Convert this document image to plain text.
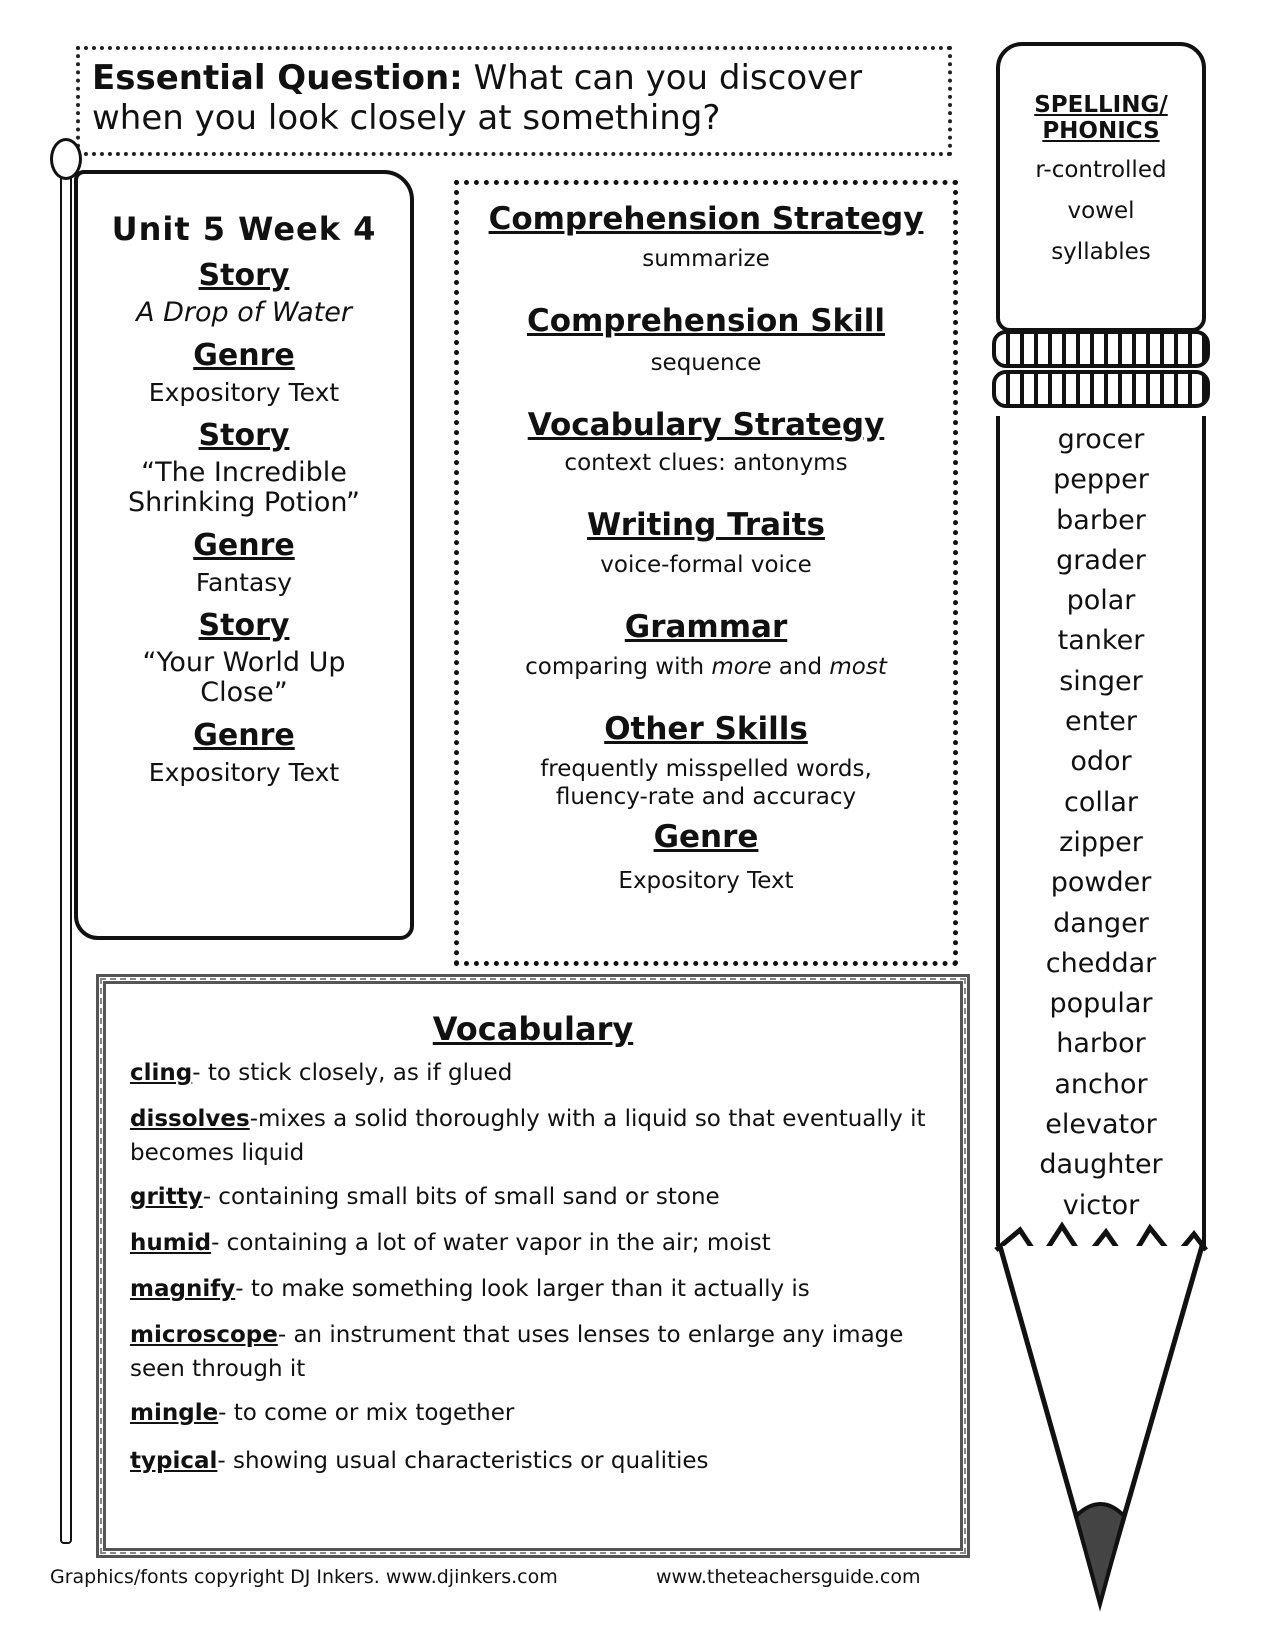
Essential Question: What can you discover when you look closely at something?
Unit 5 Week 4
Story
A Drop of Water
Genre
Expository Text
Story
“The Incredible Shrinking Potion”
Genre
Fantasy
Story
“Your World Up Close”
Genre
Expository Text
Comprehension Strategy
summarize
Comprehension Skill
sequence
Vocabulary Strategy
context clues: antonyms
Writing Traits
voice-formal voice
Grammar
comparing with more and most
Other Skills
frequently misspelled words, fluency-rate and accuracy
Genre
Expository Text
Vocabulary
cling- to stick closely, as if glued
dissolves-mixes a solid thoroughly with a liquid so that eventually it becomes liquid
gritty- containing small bits of small sand or stone
humid- containing a lot of water vapor in the air; moist
magnify- to make something look larger than it actually is
microscope- an instrument that uses lenses to enlarge any image seen through it
mingle- to come or mix together
typical- showing usual characteristics or qualities
SPELLING/
PHONICS
r-controlled
vowel
syllables
grocer
pepper
barber
grader
polar
tanker
singer
enter
odor
collar
zipper
powder
danger
cheddar
popular
harbor
anchor
elevator
daughter
victor
Graphics/fonts copyright DJ Inkers. www.djinkers.com	www.theteachersguide.com
